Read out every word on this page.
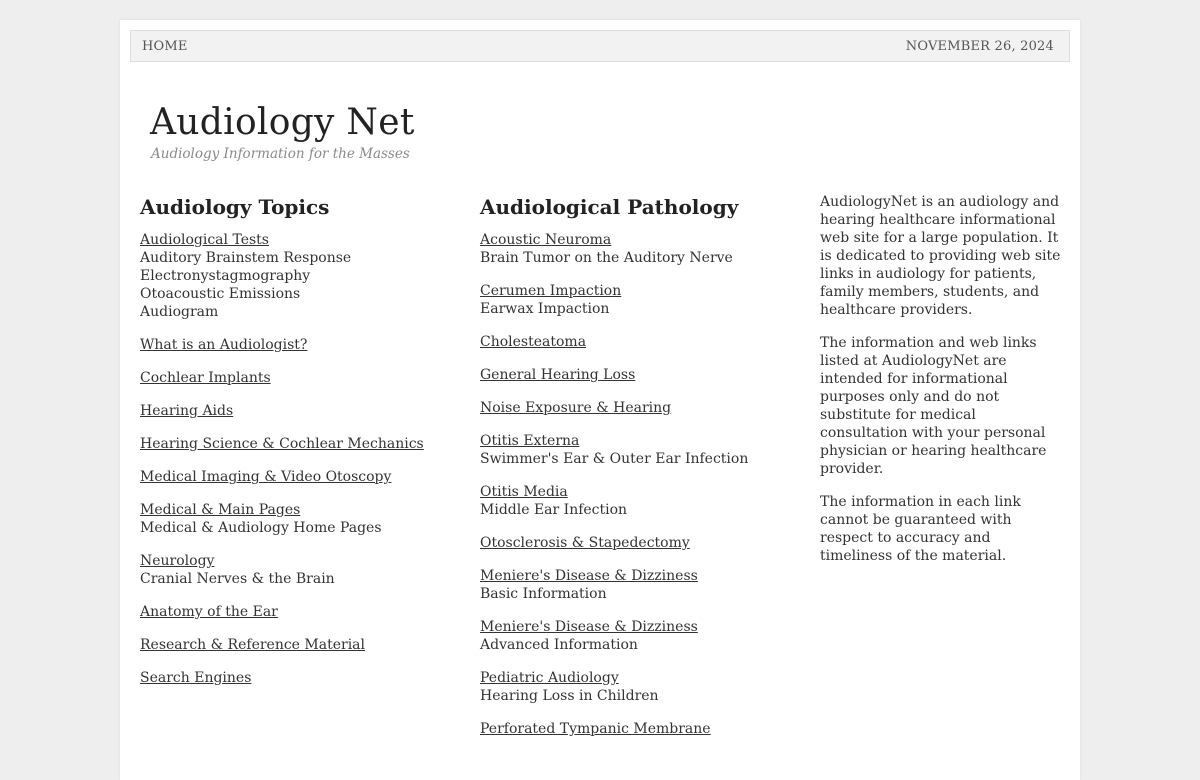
HOME	NOVEMBER 26, 2024
Audiology Net
Audiology Information for the Masses
Audiology Topics
Audiological Tests
Auditory Brainstem Response
Electronystagmography
Otoacoustic Emissions
Audiogram
What is an Audiologist?
Cochlear Implants
Hearing Aids
Hearing Science & Cochlear Mechanics
Medical Imaging & Video Otoscopy
Medical & Main Pages
Medical & Audiology Home Pages
Neurology
Cranial Nerves & the Brain
Anatomy of the Ear
Research & Reference Material
Search Engines
Audiological Pathology
Acoustic Neuroma
Brain Tumor on the Auditory Nerve
Cerumen Impaction
Earwax Impaction
Cholesteatoma
General Hearing Loss
Noise Exposure & Hearing
Otitis Externa
Swimmer's Ear & Outer Ear Infection
Otitis Media
Middle Ear Infection
Otosclerosis & Stapedectomy
Meniere's Disease & Dizziness
Basic Information
Meniere's Disease & Dizziness
Advanced Information
Pediatric Audiology
Hearing Loss in Children
Perforated Tympanic Membrane

AudiologyNet is an audiology and hearing healthcare informational web site for a large population. It is dedicated to providing web site links in audiology for patients, family members, students, and healthcare providers.

The information and web links listed at AudiologyNet are intended for informational purposes only and do not substitute for medical consultation with your personal physician or hearing healthcare provider.

The information in each link cannot be guaranteed with respect to accuracy and timeliness of the material.
